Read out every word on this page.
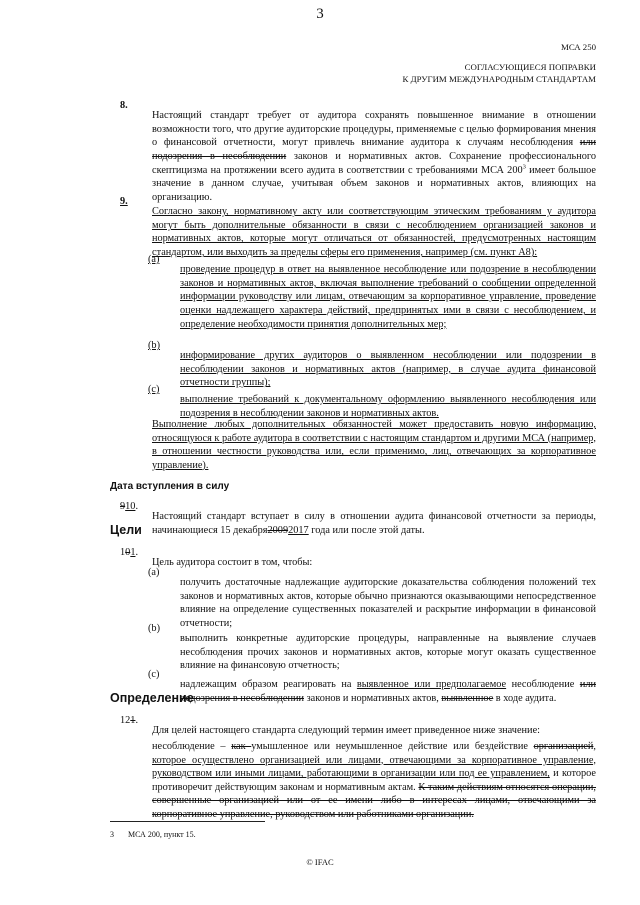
3
МСА 250
СОГЛАСУЮЩИЕСЯ ПОПРАВКИ
К ДРУГИМ МЕЖДУНАРОДНЫМ СТАНДАРТАМ
8.

Настоящий стандарт требует от аудитора сохранять повышенное внимание в отношении возможности того, что другие аудиторские процедуры, применяемые с целью формирования мнения о финансовой отчетности, могут привлечь внимание аудитора к случаям несоблюдения или подозрения в несоблюдении законов и нормативных актов. Сохранение профессионального скептицизма на протяжении всего аудита в соответствии с требованиями МСА $200^3$ имеет большое значение в данном случае, учитывая объем законов и нормативных актов, влияющих на организацию.

9.

Согласно закону, нормативному акту или соответствующим этическим требованиям у аудитора могут быть дополнительные обязанности в связи с несоблюдением организацией законов и нормативных актов, которые могут отличаться от обязанностей, предусмотренных настоящим стандартом, или выходить за пределы сферы его применения, например (см. пункт А8):

(a)

проведение процедур в ответ на выявленное несоблюдение или подозрение в несоблюдении законов и нормативных актов, включая выполнение требований о сообщении определенной информации руководству или лицам, отвечающим за корпоративное управление, проведение оценки надлежащего характера действий, предпринятых ими в связи с несоблюдением, и определение необходимости принятия дополнительных мер;

(b)

информирование других аудиторов о выявленном несоблюдении или подозрении в несоблюдении законов и нормативных актов (например, в случае аудита финансовой отчетности группы);

(c)

выполнение требований к документальному оформлению выявленного несоблюдения или подозрения в несоблюдении законов и нормативных актов.

Выполнение любых дополнительных обязанностей может предоставить новую информацию, относящуюся к работе аудитора в соответствии с настоящим стандартом и другими МСА (например, в отношении честности руководства или, если применимо, лиц, отвечающих за корпоративное управление).

Дата вступления в силу
910.

Настоящий стандарт вступает в силу в отношении аудита финансовой отчетности за периоды, начинающиеся 15 декабря20092017 года или после этой даты.

Цели
101.

Цель аудитора состоит в том, чтобы:

(a)

получить достаточные надлежащие аудиторские доказательства соблюдения положений тех законов и нормативных актов, которые обычно признаются оказывающими непосредственное влияние на определение существенных показателей и раскрытие информации в финансовой отчетности;

(b)

выполнить конкретные аудиторские процедуры, направленные на выявление случаев несоблюдения прочих законов и нормативных актов, которые могут оказать существенное влияние на финансовую отчетность;

(c)

надлежащим образом реагировать на выявленное или предполагаемое несоблюдение или подозрения в несоблюдении законов и нормативных актов, выявленное в ходе аудита.

Определение
121.

Для целей настоящего стандарта следующий термин имеет приведенное ниже значение:

несоблюдение – как умышленное или неумышленное действие или бездействие организацией, которое осуществлено организацией или лицами, отвечающими за корпоративное управление, руководством или иными лицами, работающими в организации или под ее управлением, и которое противоречит действующим законам и нормативным актам. К таким действиям относятся операции, совершенные организацией или от ее имени либо в интересах лицами, отвечающими за корпоративное управление, руководством или работниками организации.

3 МСА 200, пункт 15.
© IFAC
